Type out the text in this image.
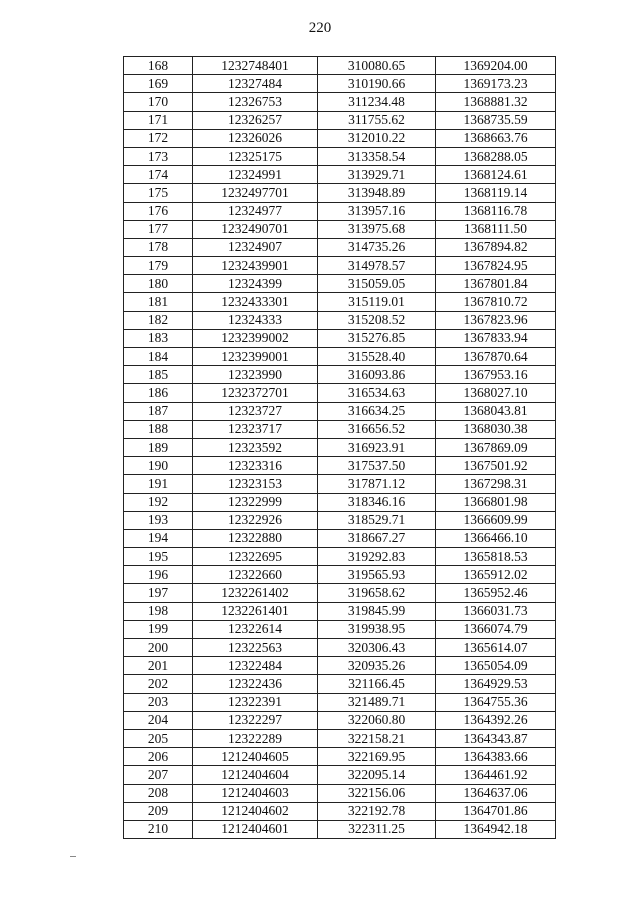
220
168	1232748401	310080.65	1369204.00
169	12327484	310190.66	1369173.23
170	12326753	311234.48	1368881.32
171	12326257	311755.62	1368735.59
172	12326026	312010.22	1368663.76
173	12325175	313358.54	1368288.05
174	12324991	313929.71	1368124.61
175	1232497701	313948.89	1368119.14
176	12324977	313957.16	1368116.78
177	1232490701	313975.68	1368111.50
178	12324907	314735.26	1367894.82
179	1232439901	314978.57	1367824.95
180	12324399	315059.05	1367801.84
181	1232433301	315119.01	1367810.72
182	12324333	315208.52	1367823.96
183	1232399002	315276.85	1367833.94
184	1232399001	315528.40	1367870.64
185	12323990	316093.86	1367953.16
186	1232372701	316534.63	1368027.10
187	12323727	316634.25	1368043.81
188	12323717	316656.52	1368030.38
189	12323592	316923.91	1367869.09
190	12323316	317537.50	1367501.92
191	12323153	317871.12	1367298.31
192	12322999	318346.16	1366801.98
193	12322926	318529.71	1366609.99
194	12322880	318667.27	1366466.10
195	12322695	319292.83	1365818.53
196	12322660	319565.93	1365912.02
197	1232261402	319658.62	1365952.46
198	1232261401	319845.99	1366031.73
199	12322614	319938.95	1366074.79
200	12322563	320306.43	1365614.07
201	12322484	320935.26	1365054.09
202	12322436	321166.45	1364929.53
203	12322391	321489.71	1364755.36
204	12322297	322060.80	1364392.26
205	12322289	322158.21	1364343.87
206	1212404605	322169.95	1364383.66
207	1212404604	322095.14	1364461.92
208	1212404603	322156.06	1364637.06
209	1212404602	322192.78	1364701.86
210	1212404601	322311.25	1364942.18
